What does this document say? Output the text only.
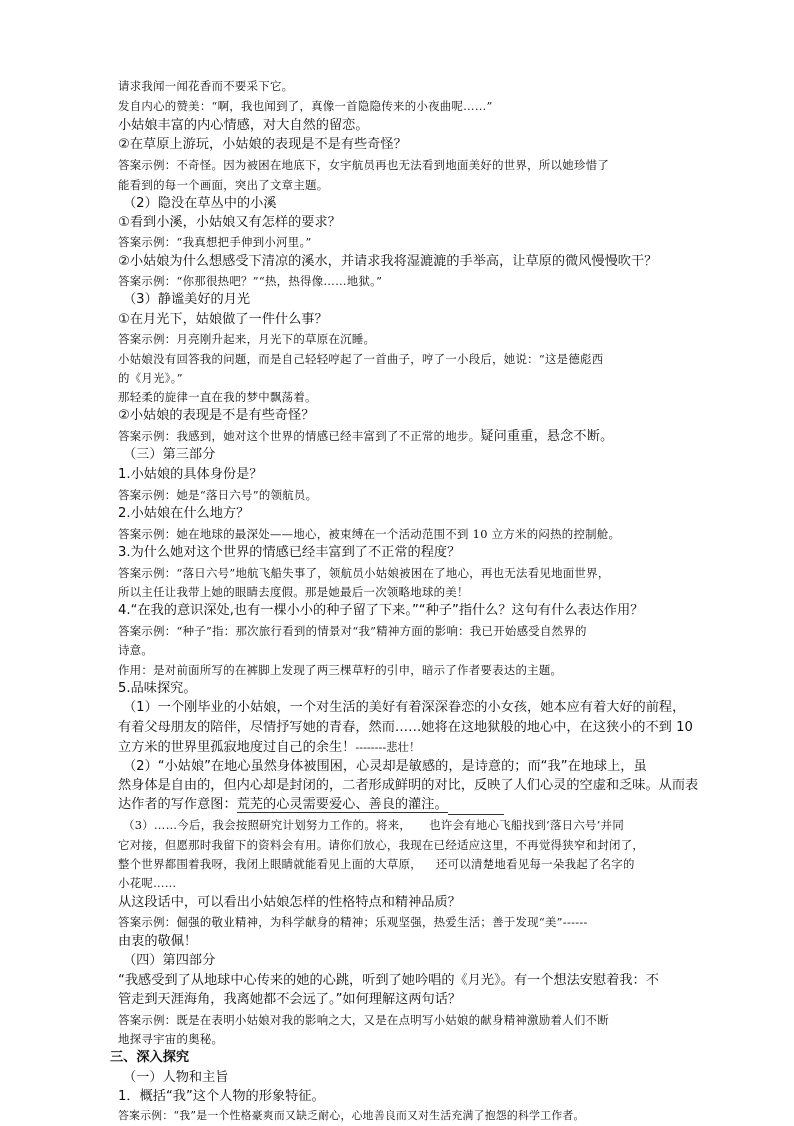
请求我闻一闻花香而不要采下它。
发自内心的赞美：“啊，我也闻到了，真像一首隐隐传来的小夜曲呢……”
小姑娘丰富的内心情感，对大自然的留恋。
②在草原上游玩，小姑娘的表现是不是有些奇怪？
答案示例：不奇怪。因为被困在地底下，女宇航员再也无法看到地面美好的世界，所以她珍惜了
能看到的每一个画面，突出了文章主题。
（2）隐没在草丛中的小溪
①看到小溪，小姑娘又有怎样的要求？
答案示例：“我真想把手伸到小河里。”
②小姑娘为什么想感受下清凉的溪水，并请求我将湿漉漉的手举高，让草原的微风慢慢吹干？
答案示例：“你那很热吧？”“热，热得像……地狱。”
（3）静谧美好的月光
①在月光下，姑娘做了一件什么事？
答案示例：月亮刚升起来，月光下的草原在沉睡。
小姑娘没有回答我的问题，而是自己轻轻哼起了一首曲子，哼了一小段后，她说：“这是德彪西
的《月光》。”
那轻柔的旋律一直在我的梦中飘荡着。
②小姑娘的表现是不是有些奇怪？
答案示例：我感到，她对这个世界的情感已经丰富到了不正常的地步。疑问重重，悬念不断。
（三）第三部分
1.小姑娘的具体身份是？
答案示例：她是“落日六号”的领航员。
2.小姑娘在什么地方？
答案示例：她在地球的最深处——地心，被束缚在一个活动范围不到 10 立方米的闷热的控制舱。
3.为什么她对这个世界的情感已经丰富到了不正常的程度？
答案示例：“落日六号”地航飞船失事了，领航员小姑娘被困在了地心，再也无法看见地面世界，
所以主任让我带上她的眼睛去度假。那是她最后一次领略地球的美！
4.“在我的意识深处,也有一棵小小的种子留了下来。”“种子”指什么？这句有什么表达作用？
答案示例：“种子”指：那次旅行看到的情景对“我”精神方面的影响：我已开始感受自然界的
诗意。
作用：是对前面所写的在裤脚上发现了两三棵草籽的引申，暗示了作者要表达的主题。
5.品味探究。
（1）一个刚毕业的小姑娘，一个对生活的美好有着深深眷恋的小女孩，她本应有着大好的前程，
有着父母朋友的陪伴，尽情抒写她的青春，然而……她将在这地狱般的地心中，在这狭小的不到 10
立方米的世界里孤寂地度过自己的余生！--------悲壮！
（2）“小姑娘”在地心虽然身体被围困，心灵却是敏感的，是诗意的；而“我”在地球上，虽
然身体是自由的，但内心却是封闭的，二者形成鲜明的对比，反映了人们心灵的空虚和乏味。从而表
达作者的写作意图：荒芜的心灵需要爱心、善良的灌注。
（3）……今后，我会按照研究计划努力工作的。将来， 也许会有地心飞船找到‘落日六号’并同
它对接，但愿那时我留下的资料会有用。请你们放心，我现在已经适应这里，不再觉得狭窄和封闭了，
整个世界都围着我呀，我闭上眼睛就能看见上面的大草原， 还可以清楚地看见每一朵我起了名字的
小花呢……
从这段话中，可以看出小姑娘怎样的性格特点和精神品质？
答案示例：倔强的敬业精神，为科学献身的精神；乐观坚强，热爱生活；善于发现“美”------
由衷的敬佩！
（四）第四部分
“我感受到了从地球中心传来的她的心跳，听到了她吟唱的《月光》。有一个想法安慰着我：不
管走到天涯海角，我离她都不会远了。”如何理解这两句话？
答案示例：既是在表明小姑娘对我的影响之大，又是在点明写小姑娘的献身精神激励着人们不断
地探寻宇宙的奥秘。
三、深入探究
（一）人物和主旨
1．概括“我”这个人物的形象特征。
答案示例：“我”是一个性格豪爽而又缺乏耐心，心地善良而又对生活充满了抱怨的科学工作者。
